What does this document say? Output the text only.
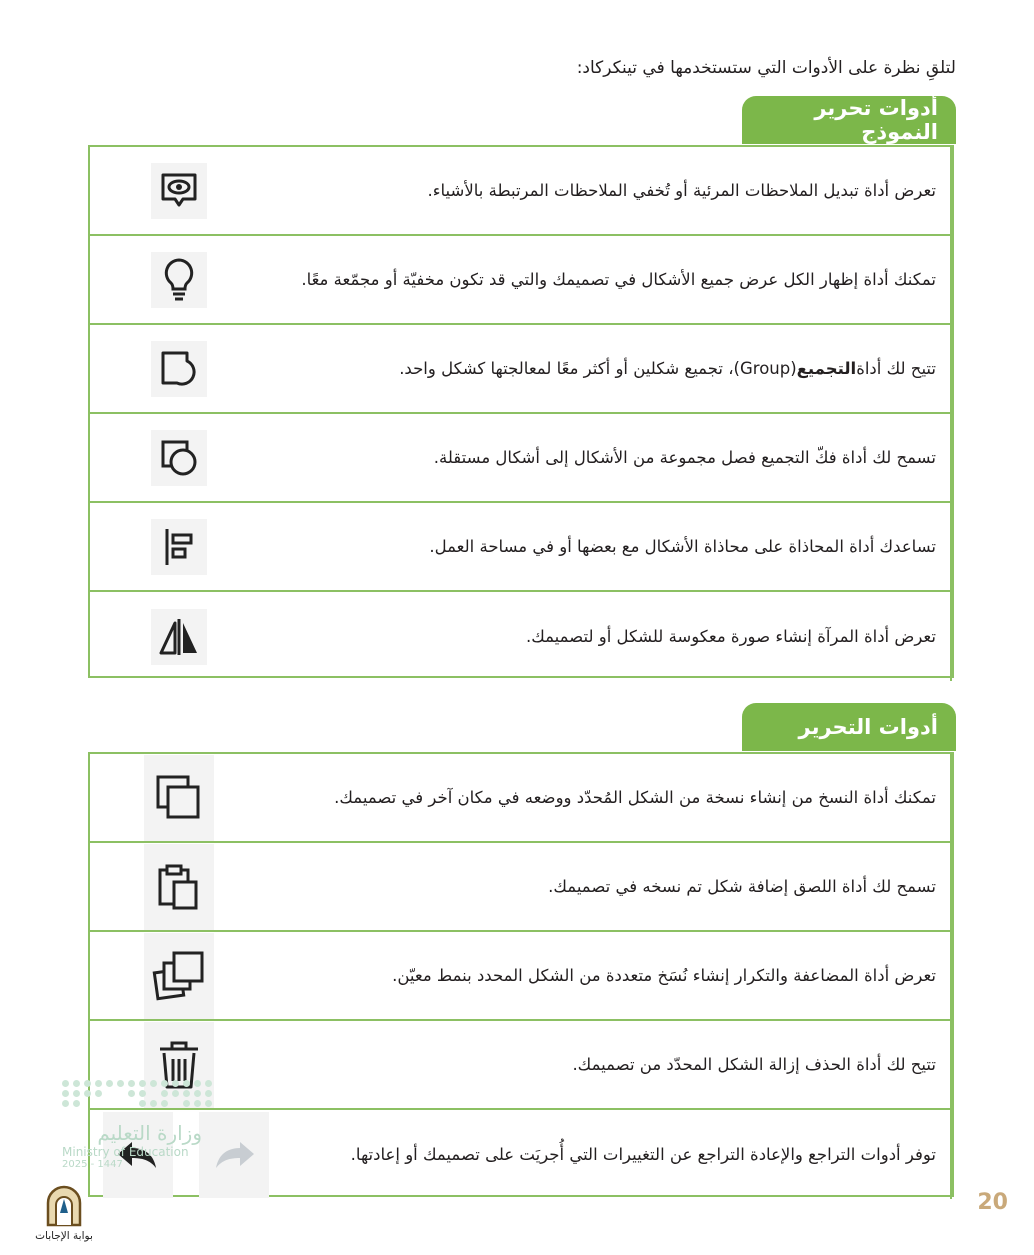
لتلقِ نظرة على الأدوات التي ستستخدمها في تينكركاد:
أدوات تحرير النموذج
تعرض أداة تبديل الملاحظات المرئية أو تُخفي الملاحظات المرتبطة بالأشياء.
تمكنك أداة إظهار الكل عرض جميع الأشكال في تصميمك والتي قد تكون مخفيّة أو مجمّعة معًا.
تتيح لك أداة
التجميع
(Group)، تجميع شكلين أو أكثر معًا لمعالجتها كشكل واحد.
تسمح لك أداة فكّ التجميع فصل مجموعة من الأشكال إلى أشكال مستقلة.
تساعدك أداة المحاذاة على محاذاة الأشكال مع بعضها أو في مساحة العمل.
تعرض أداة المرآة إنشاء صورة معكوسة للشكل أو لتصميمك.
أدوات التحرير
تمكنك أداة النسخ من إنشاء نسخة من الشكل المُحدّد ووضعه في مكان آخر في تصميمك.
تسمح لك أداة اللصق إضافة شكل تم نسخه في تصميمك.
تعرض أداة المضاعفة والتكرار إنشاء نُسَخ متعددة من الشكل المحدد بنمط معيّن.
تتيح لك أداة الحذف إزالة الشكل المحدّد من تصميمك.
توفر أدوات التراجع والإعادة التراجع عن التغييرات التي أُجريَت على تصميمك أو إعادتها.
وزارة التعليم
Ministry of Education
2025 - 1447
بوابة الإجابات
20
